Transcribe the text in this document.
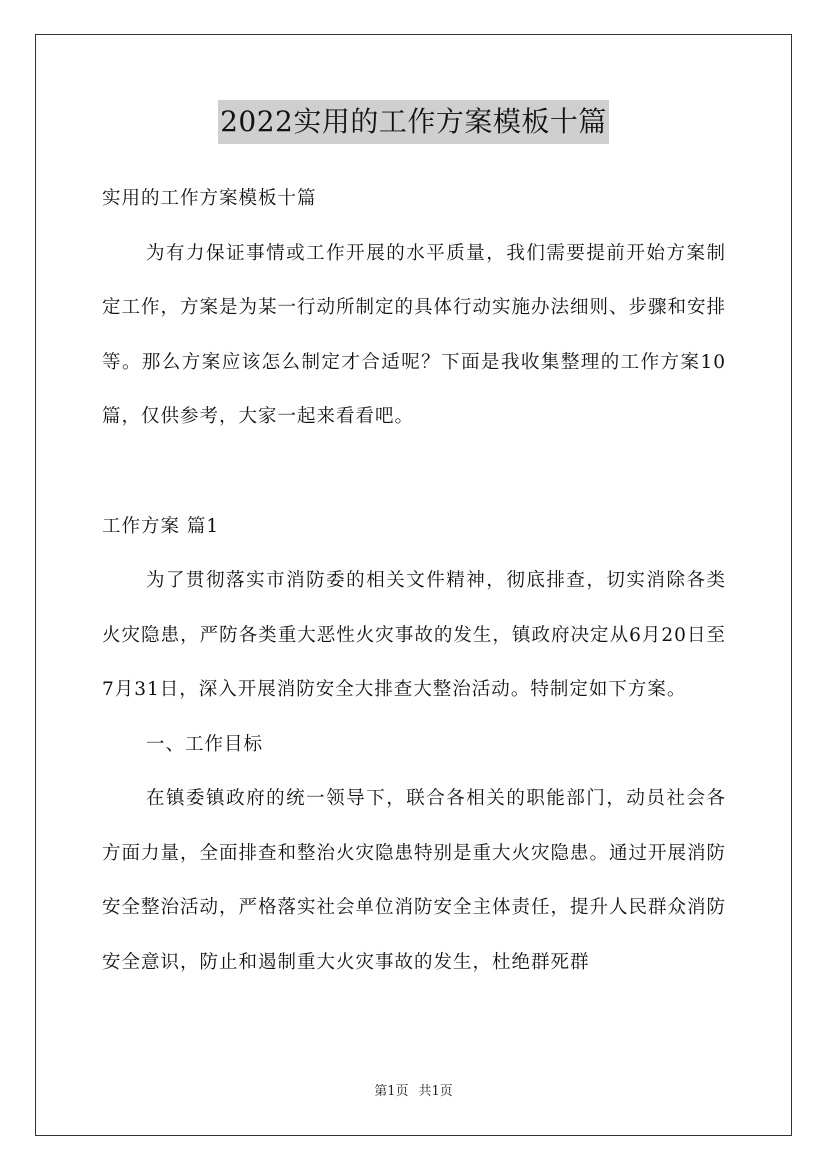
2022实用的工作方案模板十篇

实用的工作方案模板十篇

为有力保证事情或工作开展的水平质量，我们需要提前开始方案制定工作，方案是为某一行动所制定的具体行动实施办法细则、步骤和安排等。那么方案应该怎么制定才合适呢？下面是我收集整理的工作方案10篇，仅供参考，大家一起来看看吧。

工作方案 篇1

为了贯彻落实市消防委的相关文件精神，彻底排查，切实消除各类火灾隐患，严防各类重大恶性火灾事故的发生，镇政府决定从6月20日至7月31日，深入开展消防安全大排查大整治活动。特制定如下方案。

一、工作目标

在镇委镇政府的统一领导下，联合各相关的职能部门，动员社会各方面力量，全面排查和整治火灾隐患特别是重大火灾隐患。通过开展消防安全整治活动，严格落实社会单位消防安全主体责任，提升人民群众消防安全意识，防止和遏制重大火灾事故的发生，杜绝群死群

第1页 共1页
